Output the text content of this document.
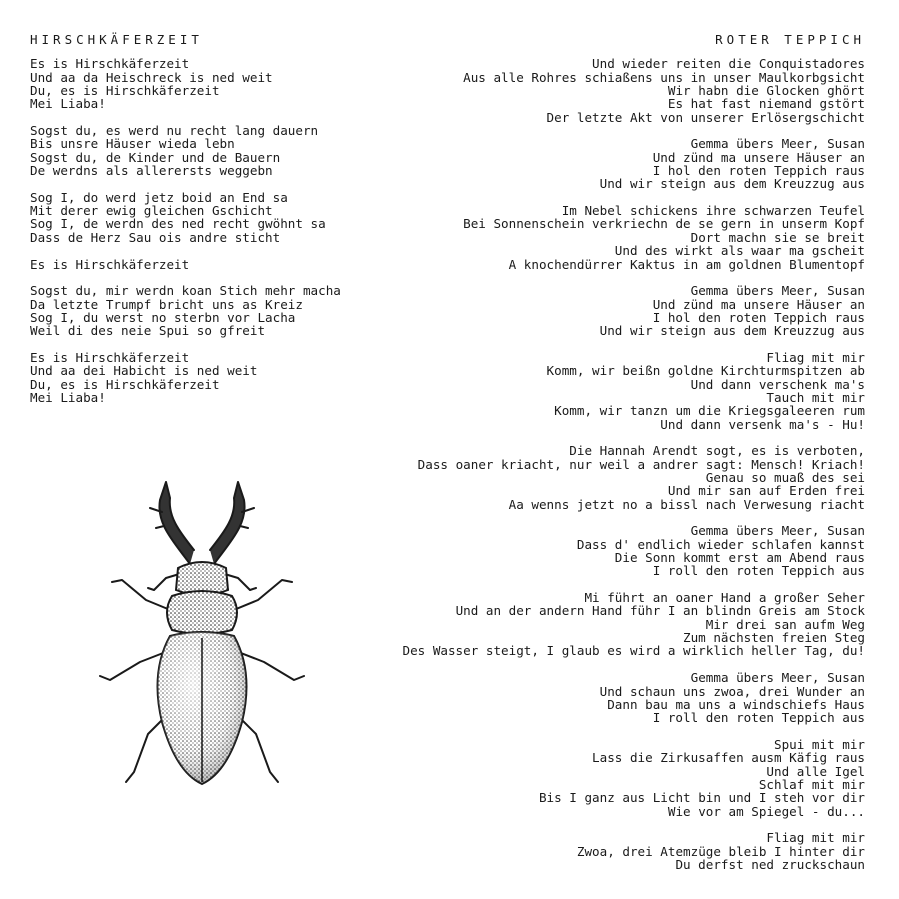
HIRSCHKÄFERZEIT
Es is Hirschkäferzeit
Und aa da Heischreck is ned weit
Du, es is Hirschkäferzeit
Mei Liaba!
Sogst du, es werd nu recht lang dauern
Bis unsre Häuser wieda lebn
Sogst du, de Kinder und de Bauern
De werdns als allerersts weggebn
Sog I, do werd jetz boid an End sa
Mit derer ewig gleichen Gschicht
Sog I, de werdn des ned recht gwöhnt sa
Dass de Herz Sau ois andre sticht
Es is Hirschkäferzeit
Sogst du, mir werdn koan Stich mehr macha
Da letzte Trumpf bricht uns as Kreiz
Sog I, du werst no sterbn vor Lacha
Weil di des neie Spui so gfreit
Es is Hirschkäferzeit
Und aa dei Habicht is ned weit
Du, es is Hirschkäferzeit
Mei Liaba!
ROTER TEPPICH
Und wieder reiten die Conquistadores
Aus alle Rohres schiaßens uns in unser Maulkorbgsicht
Wir habn die Glocken ghört
Es hat fast niemand gstört
Der letzte Akt von unserer Erlösergschicht
Gemma übers Meer, Susan
Und zünd ma unsere Häuser an
I hol den roten Teppich raus
Und wir steign aus dem Kreuzzug aus
Im Nebel schickens ihre schwarzen Teufel
Bei Sonnenschein verkriechn de se gern in unserm Kopf
Dort machn sie se breit
Und des wirkt als waar ma gscheit
A knochendürrer Kaktus in am goldnen Blumentopf
Gemma übers Meer, Susan
Und zünd ma unsere Häuser an
I hol den roten Teppich raus
Und wir steign aus dem Kreuzzug aus
Fliag mit mir
Komm, wir beißn goldne Kirchturmspitzen ab
Und dann verschenk ma's
Tauch mit mir
Komm, wir tanzn um die Kriegsgaleeren rum
Und dann versenk ma's - Hu!
Die Hannah Arendt sogt, es is verboten,
Dass oaner kriacht, nur weil a andrer sagt: Mensch! Kriach!
Genau so muaß des sei
Und mir san auf Erden frei
Aa wenns jetzt no a bissl nach Verwesung riacht
Gemma übers Meer, Susan
Dass d' endlich wieder schlafen kannst
Die Sonn kommt erst am Abend raus
I roll den roten Teppich aus
Mi führt an oaner Hand a großer Seher
Und an der andern Hand führ I an blindn Greis am Stock
Mir drei san aufm Weg
Zum nächsten freien Steg
Des Wasser steigt, I glaub es wird a wirklich heller Tag, du!
Gemma übers Meer, Susan
Und schaun uns zwoa, drei Wunder an
Dann bau ma uns a windschiefs Haus
I roll den roten Teppich aus
Spui mit mir
Lass die Zirkusaffen ausm Käfig raus
Und alle Igel
Schlaf mit mir
Bis I ganz aus Licht bin und I steh vor dir
Wie vor am Spiegel - du...
Fliag mit mir
Zwoa, drei Atemzüge bleib I hinter dir
Du derfst ned zruckschaun
